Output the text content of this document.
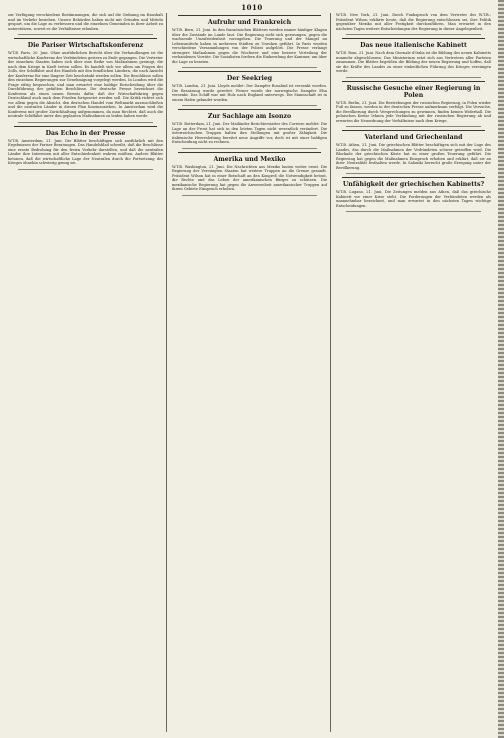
1010
zur Verfügung verschiedene Bestimmungen, die sich auf die Ordnung im Haushalt und im Verkehr beziehen. Unsere Behörden haben nicht mit Gründen und Mitteln gespart, um die Lage zu verbessern und die einzelnen Gemeinden in ihrer Arbeit zu unterstützen, soweit es die Verhältnisse erlauben.
Die Pariser Wirtschaftskonferenz
W.T.B. Paris, 20. Juni. Ohne ausführlichen Bericht über die Verhandlungen ist die wirtschaftliche Konferenz der Verbündeten gestern zu Ende gegangen. Die Vertreter der einzelnen Staaten haben sich über eine Reihe von Maßnahmen geeinigt, die nach dem Kriege in Kraft treten sollen. Es handelt sich vor allem um Fragen des Zolls, der Schiffahrt und des Handels mit den feindlichen Ländern, die nach Ansicht der Konferenz für eine längere Zeit beschränkt werden sollen. Die Beschlüsse sollen den einzelnen Regierungen zur Genehmigung vorgelegt werden. In London wird die Frage eifrig besprochen, und man erwartet eine baldige Entscheidung über die Durchführung der gefaßten Beschlüsse. Die deutsche Presse bezeichnet die Konferenz als einen neuen Beweis dafür, daß der Wirtschaftskrieg gegen Deutschland auch nach dem Frieden fortgesetzt werden soll. Die Kritik richtet sich vor allem gegen die Absicht, den deutschen Handel vom Weltmarkt auszuschließen und die neutralen Länder in diesen Plan hineinzuziehen. In Amsterdam wird die Konferenz mit großer Zurückhaltung aufgenommen, da man fürchtet, daß auch die neutrale Schiffahrt unter den geplanten Maßnahmen zu leiden haben werde.
Das Echo in der Presse
W.T.B. Amsterdam, 21. Juni. Die Blätter beschäftigen sich ausführlich mit den Ergebnissen der Pariser Beratungen. Das Handelsblad schreibt, daß die Beschlüsse eine ernste Bedrohung für den freien Verkehr darstellen, und daß die neutralen Länder ihre Interessen mit aller Entschiedenheit wahren müßten. Andere Blätter betonen, daß die wirtschaftliche Lage der Neutralen durch die Fortsetzung des Krieges ohnehin schwierig genug sei.
Aufruhr und Frankreich
W.T.B. Bern, 21. Juni. In den französischen Blättern werden immer häufiger Klagen über die Zustände im Lande laut. Die Regierung sieht sich gezwungen, gegen die wachsende Unzufriedenheit vorzugehen. Die Teuerung und der Mangel an Lebensmitteln haben in mehreren Städten zu Unruhen geführt. In Paris wurden verschiedene Versammlungen von der Polizei aufgelöst. Die Presse verlangt strengere Maßnahmen gegen die Wucherer und eine bessere Verteilung der vorhandenen Vorräte. Die Sozialisten fordern die Einberufung der Kammer, um über die Lage zu beraten.
Der Seekrieg
W.T.B. London, 21. Juni. Lloyds meldet: Der Dampfer Rosalind ist versenkt worden. Die Besatzung wurde gerettet. Ferner wurde der norwegische Dampfer Elsa versenkt. Das Schiff war mit Holz nach England unterwegs. Die Mannschaft ist in einem Hafen gelandet worden.
Zur Sachlage am Isonzo
W.T.B. Rotterdam, 21. Juni. Der Mailänder Berichterstatter des Corriere meldet: Die Lage an der Front hat sich in den letzten Tagen nicht wesentlich verändert. Die österreichischen Truppen halten ihre Stellungen mit großer Zähigkeit. Die italienische Heeresleitung bereitet neue Angriffe vor, doch ist mit einer baldigen Entscheidung nicht zu rechnen.
Amerika und Mexiko
W.T.B. Washington, 21. Juni. Die Nachrichten aus Mexiko lauten weiter ernst. Die Regierung der Vereinigten Staaten hat weitere Truppen an die Grenze gesandt. Präsident Wilson hat in einer Botschaft an den Kongreß die Notwendigkeit betont, die Rechte und das Leben der amerikanischen Bürger zu schützen. Die mexikanische Regierung hat gegen die Anwesenheit amerikanischer Truppen auf ihrem Gebiete Einspruch erhoben.
W.T.B. New York, 21. Juni. Durch Funkspruch von dem Vertreter des W.T.B.: Präsident Wilson erklärte heute, daß die Regierung entschlossen sei, ihre Politik gegenüber Mexiko mit aller Festigkeit durchzuführen. Man erwartet in den nächsten Tagen weitere Entscheidungen der Regierung in dieser Angelegenheit.
Das neue italienische Kabinett
W.T.B. Rom, 21. Juni. Nach dem Giornale d'Italia ist die Bildung des neuen Kabinetts nunmehr abgeschlossen. Das Ministerium setzt sich aus Vertretern aller Parteien zusammen. Die Blätter begrüßen die Bildung der neuen Regierung und hoffen, daß sie die Kräfte des Landes zu einer einheitlichen Führung des Krieges vereinigen werde.
Russische Gesuche einer Regierung in Polen
W.T.B. Berlin, 21. Juni. Die Bestrebungen der russischen Regierung, in Polen wieder Fuß zu fassen, werden in der deutschen Presse aufmerksam verfolgt. Die Versuche, die Bevölkerung durch Versprechungen zu gewinnen, finden keinen Widerhall. Die polnischen Kreise lehnen jede Verbindung mit der russischen Regierung ab und erwarten die Neuordnung der Verhältnisse nach dem Kriege.
Vaterland und Griechenland
W.T.B. Athen, 21. Juni. Die griechischen Blätter beschäftigen sich mit der Lage des Landes, das durch die Maßnahmen der Verbündeten schwer getroffen wird. Die Blockade der griechischen Küste hat zu einer großen Teuerung geführt. Die Regierung hat gegen die Maßnahmen Einspruch erhoben und erklärt, daß sie an ihrer Neutralität festhalten werde. In Saloniki herrscht große Erregung unter der Bevölkerung.
Unfähigkeit der griechischen Kabinetts?
W.T.B. Lugano, 21. Juni. Die Zeitungen melden aus Athen, daß das griechische Kabinett vor einer Krise steht. Die Forderungen der Verbündeten werden als unannehmbar bezeichnet, und man erwartet in den nächsten Tagen wichtige Entscheidungen.
